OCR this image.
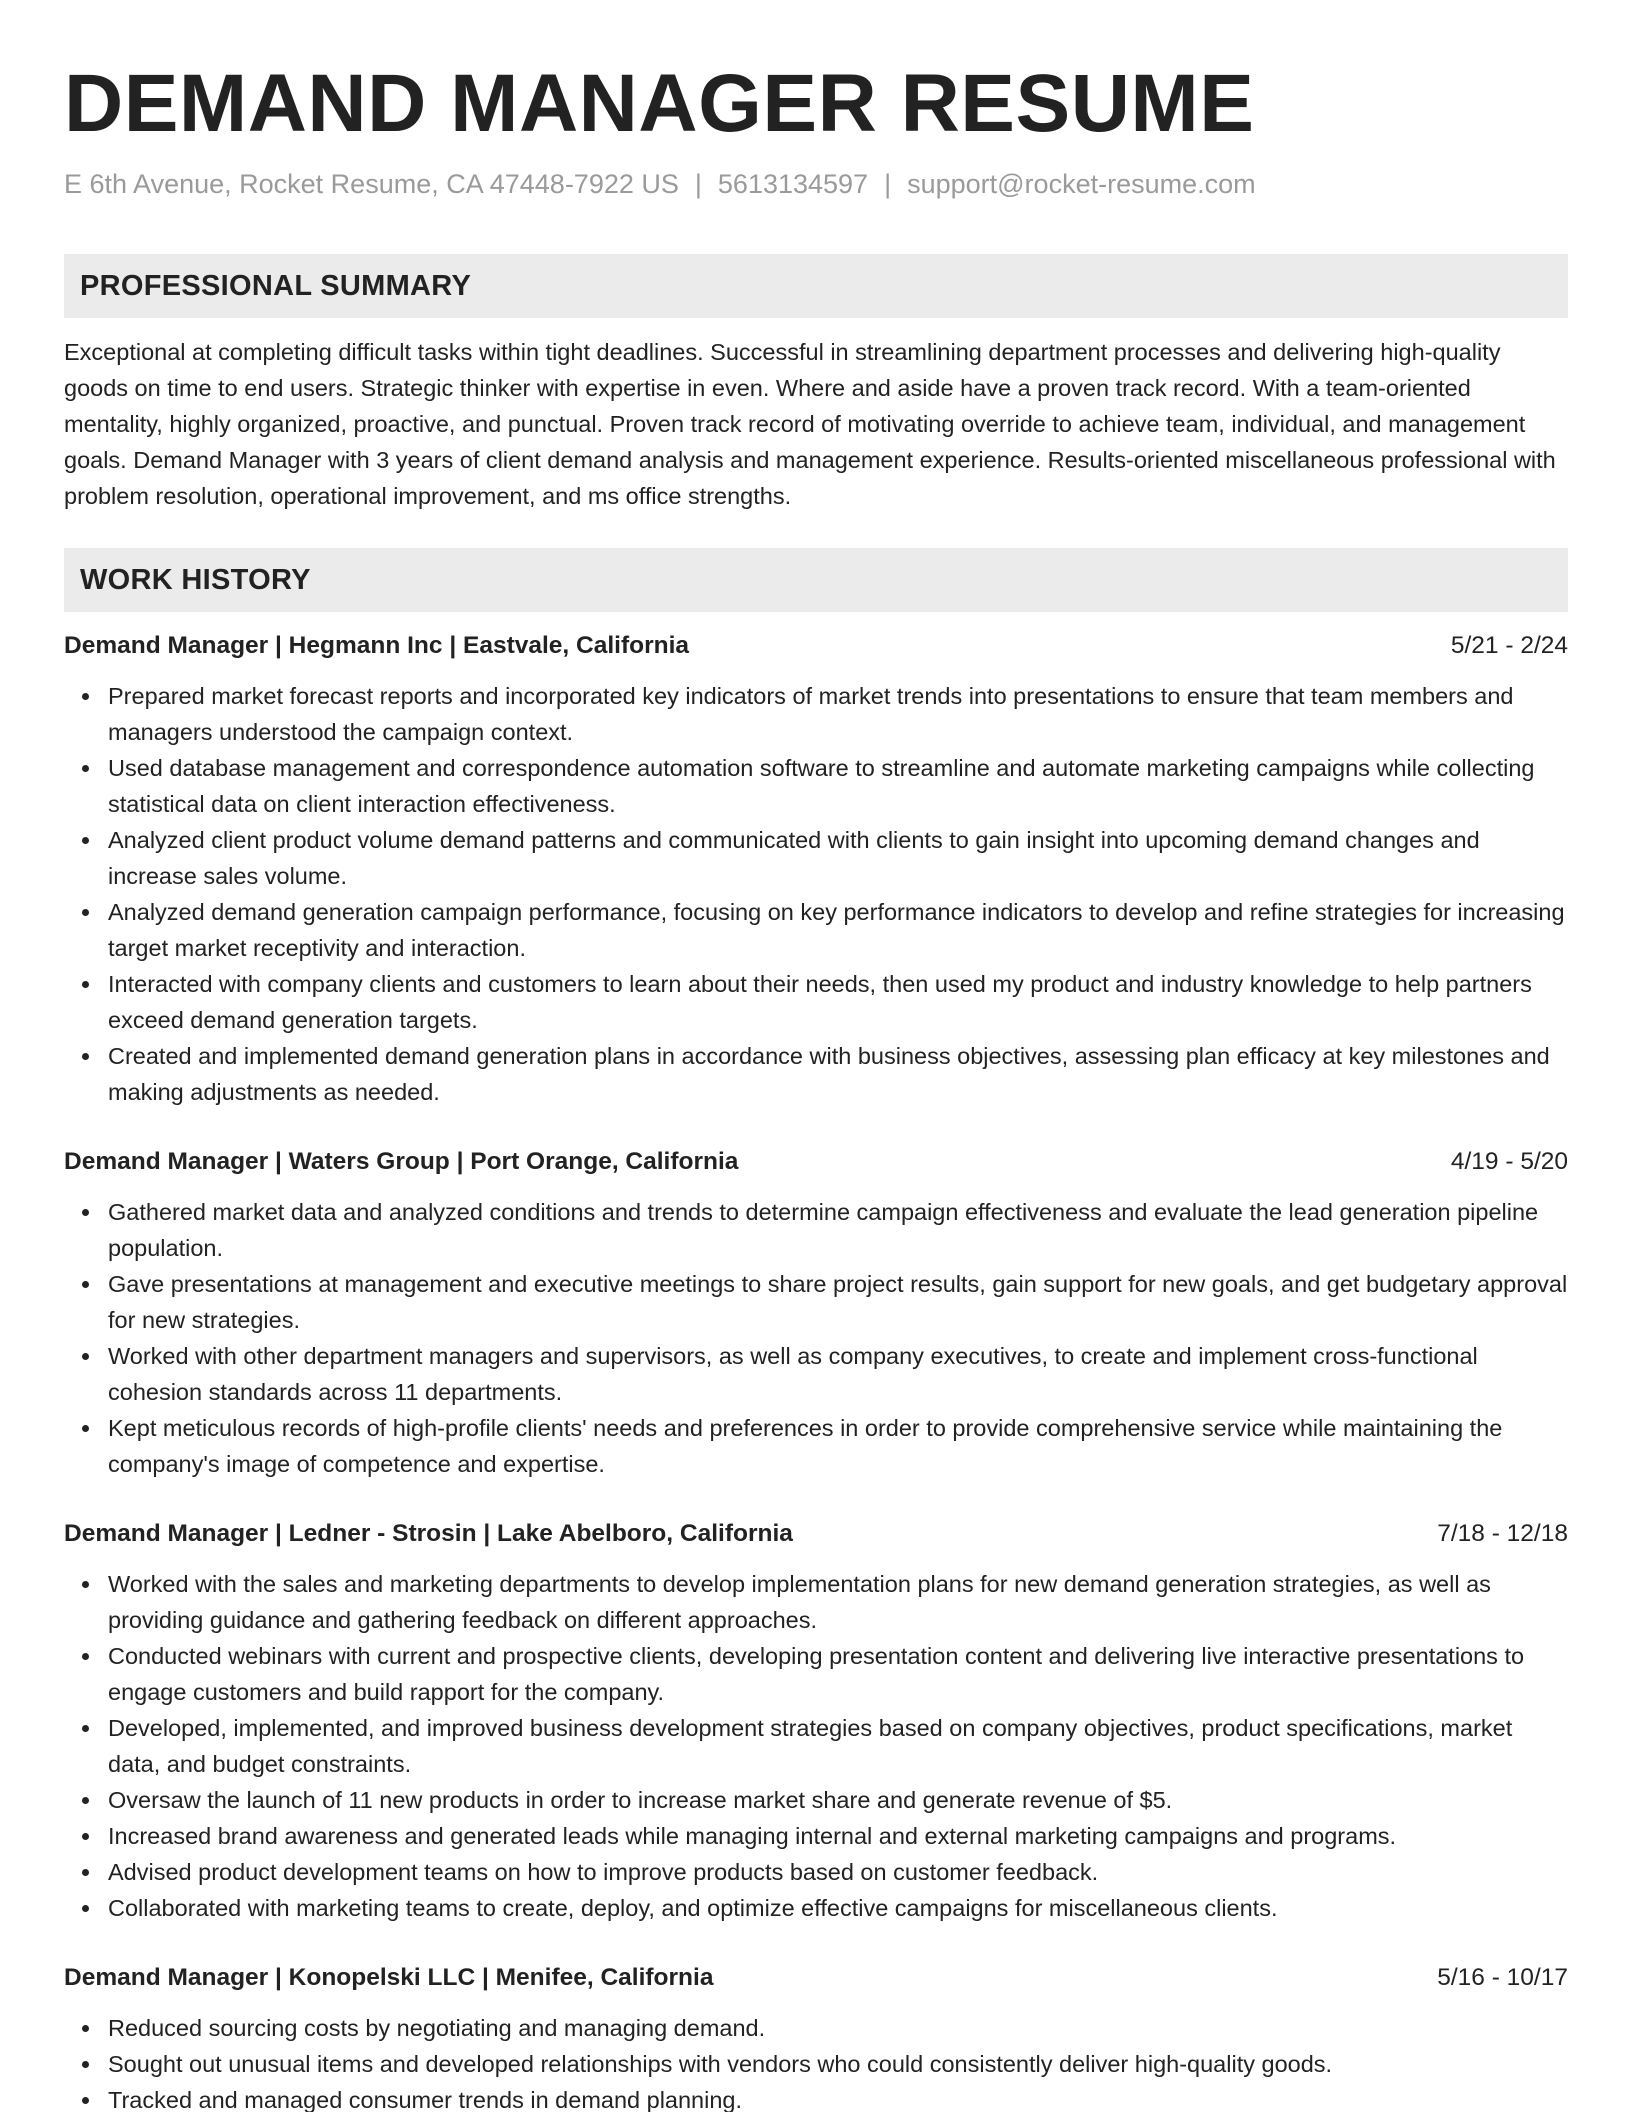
DEMAND MANAGER RESUME
E 6th Avenue, Rocket Resume, CA 47448-7922 US | 5613134597 | support@rocket-resume.com
PROFESSIONAL SUMMARY

Exceptional at completing difficult tasks within tight deadlines. Successful in streamlining department processes and delivering high-quality goods on time to end users. Strategic thinker with expertise in even. Where and aside have a proven track record. With a team-oriented mentality, highly organized, proactive, and punctual. Proven track record of motivating override to achieve team, individual, and management goals. Demand Manager with 3 years of client demand analysis and management experience. Results-oriented miscellaneous professional with problem resolution, operational improvement, and ms office strengths.

WORK HISTORY
Demand Manager | Hegmann Inc | Eastvale, California	5/21 - 2/24
Prepared market forecast reports and incorporated key indicators of market trends into presentations to ensure that team members and managers understood the campaign context.
Used database management and correspondence automation software to streamline and automate marketing campaigns while collecting statistical data on client interaction effectiveness.
Analyzed client product volume demand patterns and communicated with clients to gain insight into upcoming demand changes and increase sales volume.
Analyzed demand generation campaign performance, focusing on key performance indicators to develop and refine strategies for increasing target market receptivity and interaction.
Interacted with company clients and customers to learn about their needs, then used my product and industry knowledge to help partners exceed demand generation targets.
Created and implemented demand generation plans in accordance with business objectives, assessing plan efficacy at key milestones and making adjustments as needed.
Demand Manager | Waters Group | Port Orange, California	4/19 - 5/20
Gathered market data and analyzed conditions and trends to determine campaign effectiveness and evaluate the lead generation pipeline population.
Gave presentations at management and executive meetings to share project results, gain support for new goals, and get budgetary approval for new strategies.
Worked with other department managers and supervisors, as well as company executives, to create and implement cross-functional cohesion standards across 11 departments.
Kept meticulous records of high-profile clients' needs and preferences in order to provide comprehensive service while maintaining the company's image of competence and expertise.
Demand Manager | Ledner - Strosin | Lake Abelboro, California	7/18 - 12/18
Worked with the sales and marketing departments to develop implementation plans for new demand generation strategies, as well as providing guidance and gathering feedback on different approaches.
Conducted webinars with current and prospective clients, developing presentation content and delivering live interactive presentations to engage customers and build rapport for the company.
Developed, implemented, and improved business development strategies based on company objectives, product specifications, market data, and budget constraints.
Oversaw the launch of 11 new products in order to increase market share and generate revenue of $5.
Increased brand awareness and generated leads while managing internal and external marketing campaigns and programs.
Advised product development teams on how to improve products based on customer feedback.
Collaborated with marketing teams to create, deploy, and optimize effective campaigns for miscellaneous clients.
Demand Manager | Konopelski LLC | Menifee, California	5/16 - 10/17
Reduced sourcing costs by negotiating and managing demand.
Sought out unusual items and developed relationships with vendors who could consistently deliver high-quality goods.
Tracked and managed consumer trends in demand planning.
